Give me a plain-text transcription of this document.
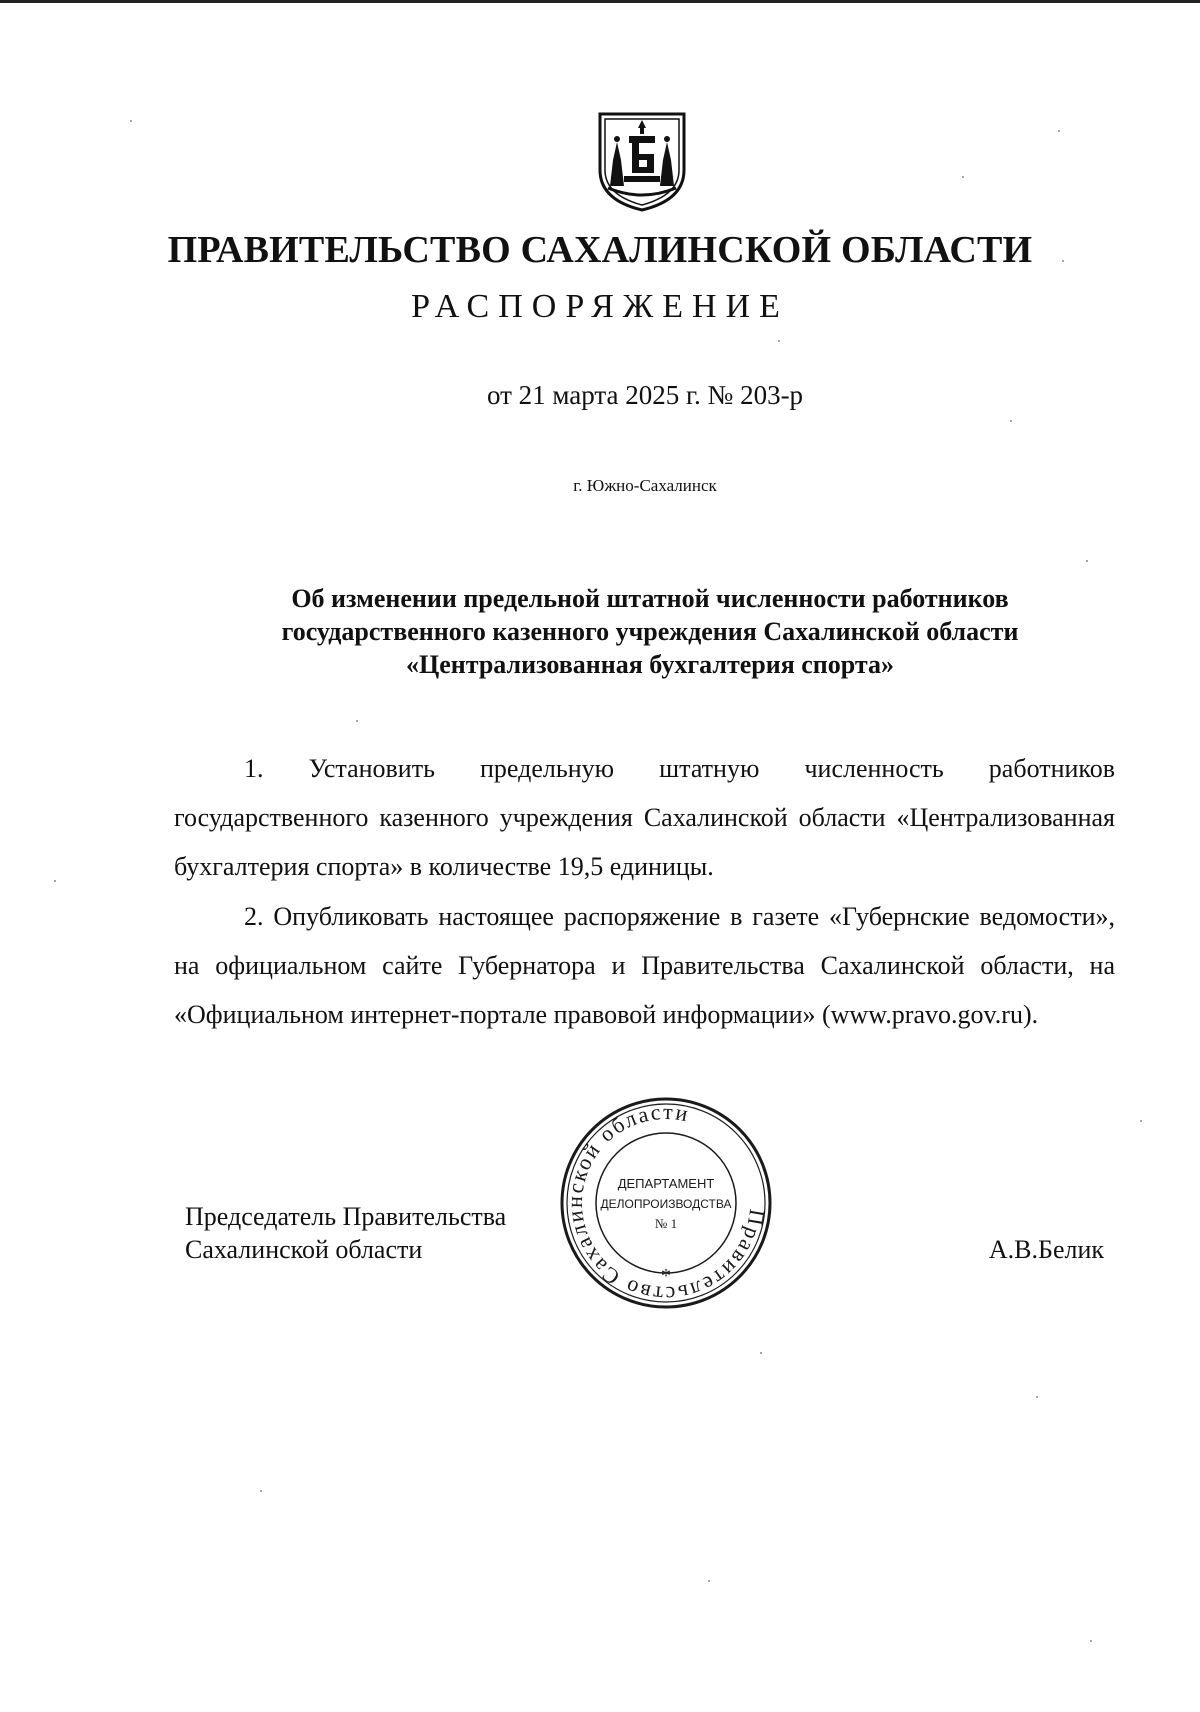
ПРАВИТЕЛЬСТВО САХАЛИНСКОЙ ОБЛАСТИ
РАСПОРЯЖЕНИЕ
от 21 марта 2025 г. № 203-р
г. Южно-Сахалинск
Об изменении предельной штатной численности работников
государственного казенного учреждения Сахалинской области
«Централизованная бухгалтерия спорта»
1. Установить предельную штатную численность работников государственного казенного учреждения Сахалинской области «Централизованная бухгалтерия спорта» в количестве 19,5 единицы.
2. Опубликовать настоящее распоряжение в газете «Губернские ведомости», на официальном сайте Губернатора и Правительства Сахалинской области, на «Официальном интернет-портале правовой информации» (www.pravo.gov.ru).
Председатель Правительства
Сахалинской области	А.В.Белик
Правительство Сахалинской области
*
ДЕПАРТАМЕНТ
ДЕЛОПРОИЗВОДСТВА
№ 1
